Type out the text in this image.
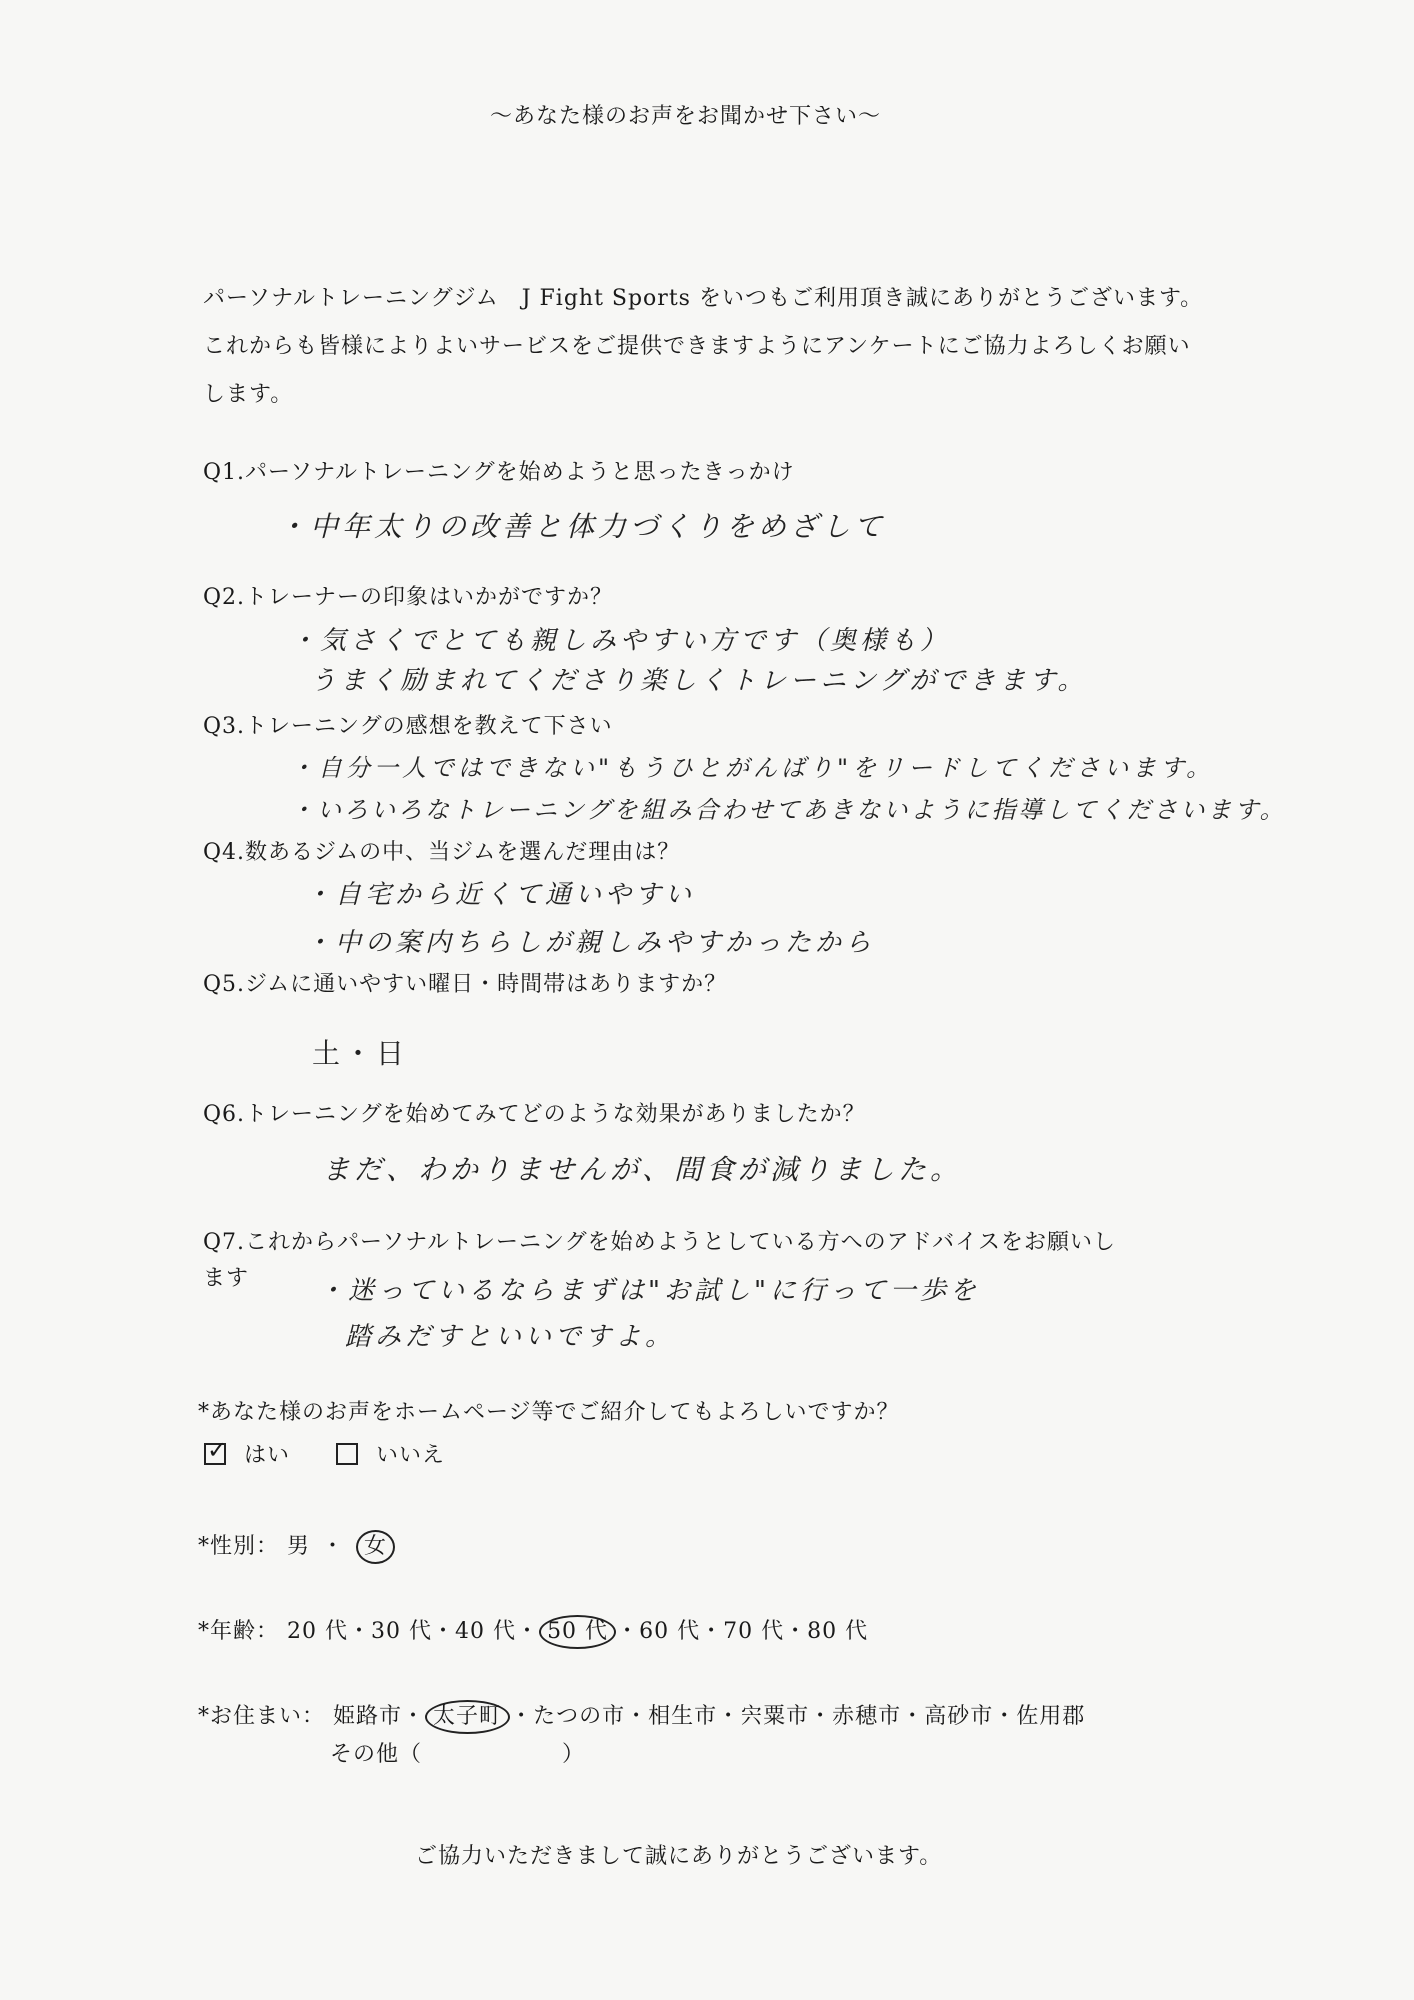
〜あなた様のお声をお聞かせ下さい〜
パーソナルトレーニングジム　J Fight Sports をいつもご利用頂き誠にありがとうございます。これからも皆様によりよいサービスをご提供できますようにアンケートにご協力よろしくお願いします。
Q1.パーソナルトレーニングを始めようと思ったきっかけ
・中年太りの改善と体力づくりをめざして
Q2.トレーナーの印象はいかがですか？
・気さくでとても親しみやすい方です（奥様も）
うまく励まれてくださり楽しくトレーニングができます。
Q3.トレーニングの感想を教えて下さい
・自分一人ではできない"もうひとがんばり"をリードしてくださいます。
・いろいろなトレーニングを組み合わせてあきないように指導してくださいます。
Q4.数あるジムの中、当ジムを選んだ理由は？
・自宅から近くて通いやすい
・中の案内ちらしが親しみやすかったから
Q5.ジムに通いやすい曜日・時間帯はありますか？
土・日
Q6.トレーニングを始めてみてどのような効果がありましたか？
まだ、わかりませんが、間食が減りました。
Q7.これからパーソナルトレーニングを始めようとしている方へのアドバイスをお願いし
ます	・迷っているならまずは"お試し"に行って一歩を
踏みだすといいですよ。
*あなた様のお声をホームページ等でご紹介してもよろしいですか？
✓ はい	いいえ
*性別： 男 ・ 女
*年齢： 20 代・30 代・40 代・ 50 代 ・60 代・70 代・80 代
*お住まい： 姫路市・ 太子町 ・たつの市・相生市・宍粟市・赤穂市・高砂市・佐用郡
その他（	）
ご協力いただきまして誠にありがとうございます。
